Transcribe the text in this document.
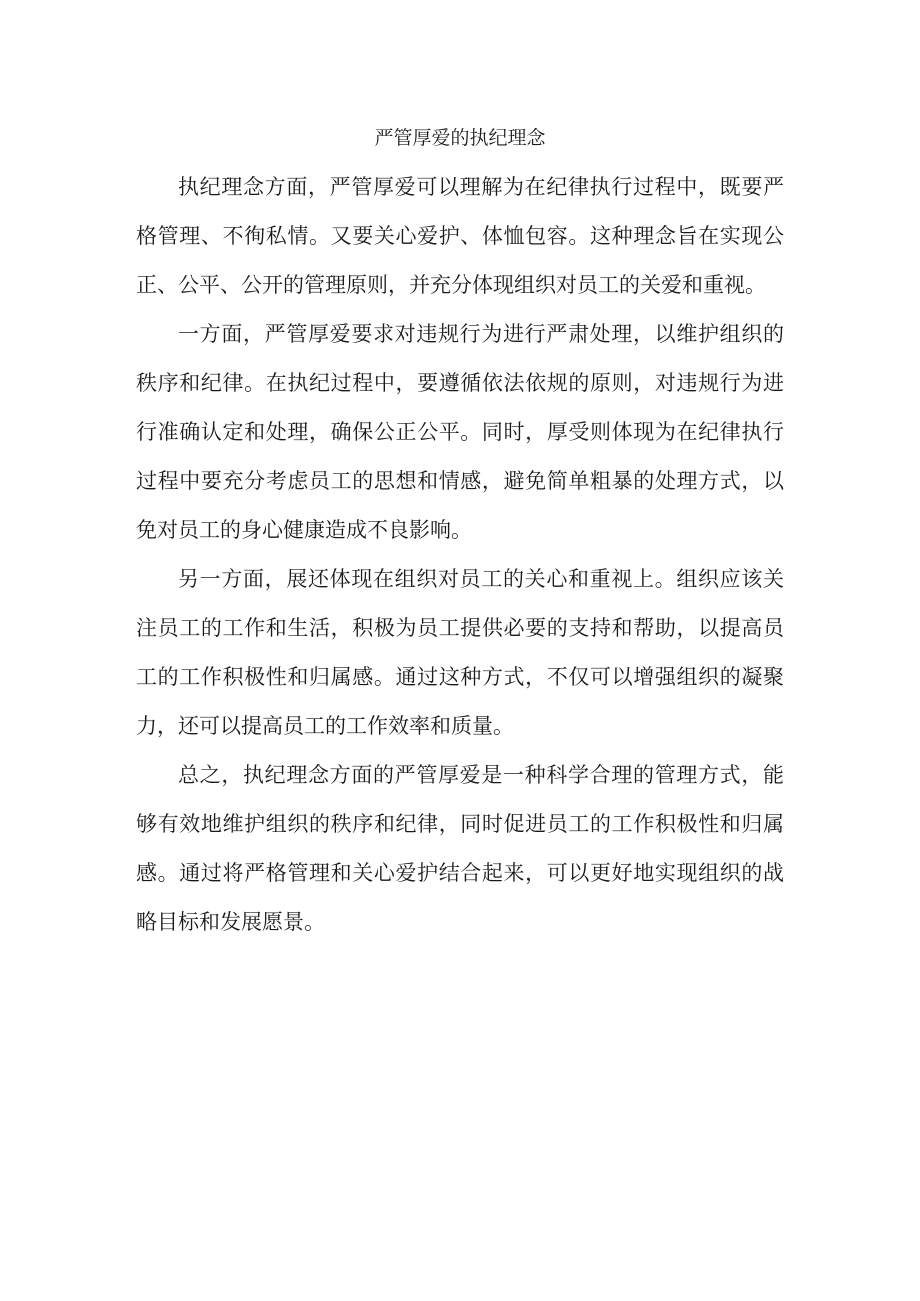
严管厚爱的执纪理念

执纪理念方面，严管厚爱可以理解为在纪律执行过程中，既要严格管理、不徇私情。又要关心爱护、体恤包容。这种理念旨在实现公正、公平、公开的管理原则，并充分体现组织对员工的关爱和重视。

一方面，严管厚爱要求对违规行为进行严肃处理，以维护组织的秩序和纪律。在执纪过程中，要遵循依法依规的原则，对违规行为进行准确认定和处理，确保公正公平。同时，厚受则体现为在纪律执行过程中要充分考虑员工的思想和情感，避免简单粗暴的处理方式，以免对员工的身心健康造成不良影响。

另一方面，展还体现在组织对员工的关心和重视上。组织应该关注员工的工作和生活，积极为员工提供必要的支持和帮助，以提高员工的工作积极性和归属感。通过这种方式，不仅可以增强组织的凝聚力，还可以提高员工的工作效率和质量。

总之，执纪理念方面的严管厚爱是一种科学合理的管理方式，能够有效地维护组织的秩序和纪律，同时促进员工的工作积极性和归属感。通过将严格管理和关心爱护结合起来，可以更好地实现组织的战略目标和发展愿景。
